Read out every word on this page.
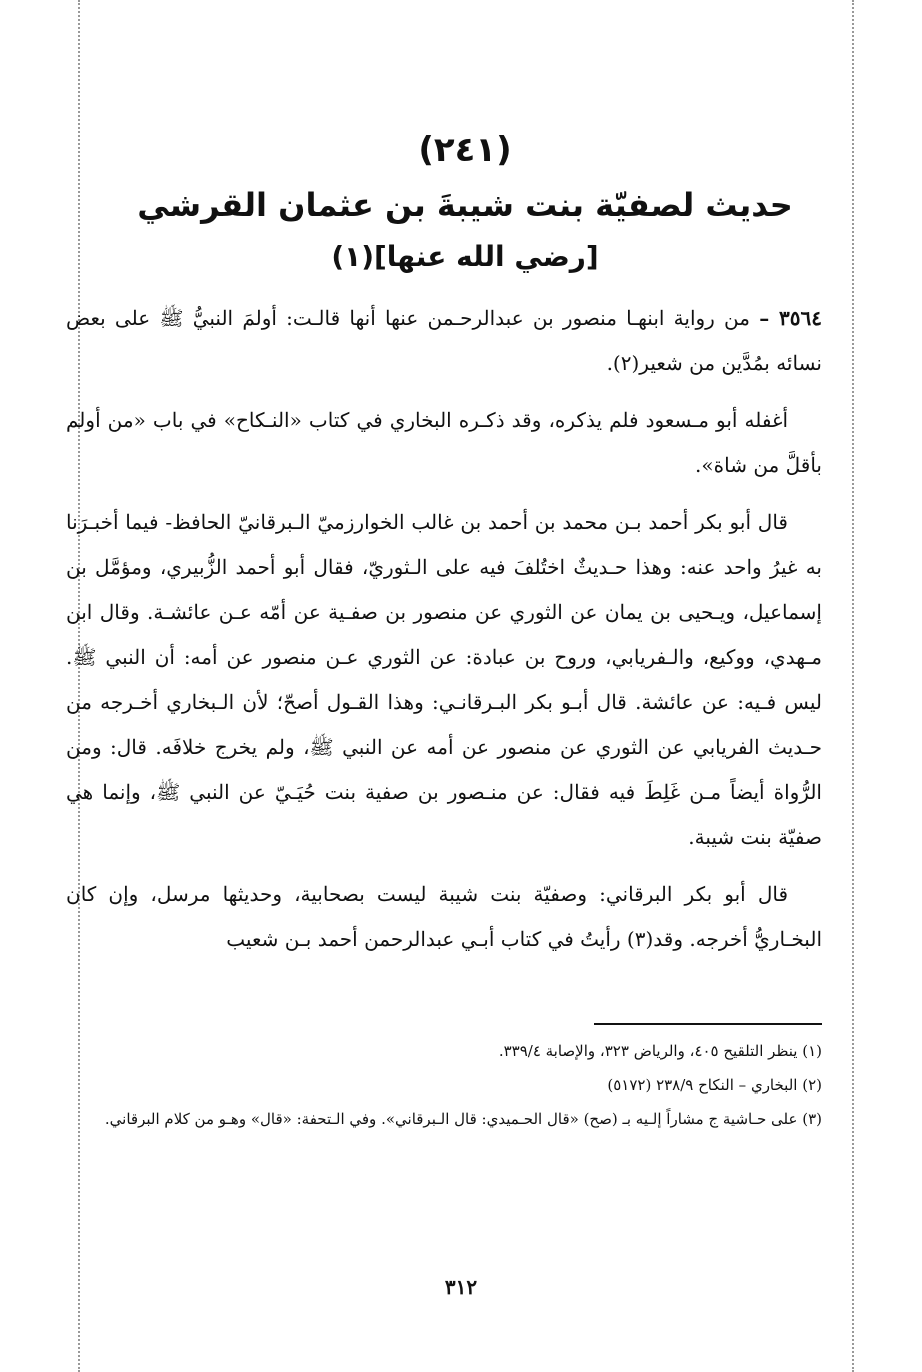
(٢٤١)
حديث لصفيّة بنت شيبةَ بن عثمان القرشي
[رضي الله عنها](١)

٣٥٦٤ – من رواية ابنهـا منصور بن عبدالرحـمن عنها أنها قالـت: أولمَ النبيُّ ﷺ على بعض نسائه بمُدَّين من شعير(٢).

أغفله أبو مـسعود فلم يذكره، وقد ذكـره البخاري في كتاب «النـكاح» في باب «من أولم بأقلَّ من شاة».

قال أبو بكر أحمد بـن محمد بن أحمد بن غالب الخوارزميّ الـبرقانيّ الحافظ- فيما أخبـرَنا به غيرُ واحد عنه: وهذا حـديثٌ اختُلفَ فيه على الـثوريّ، فقال أبو أحمد الزُّبيري، ومؤمَّل بن إسماعيل، ويـحيى بن يمان عن الثوري عن منصور بن صفـية عن أمّه عـن عائشـة. وقال ابن مـهدي، ووكيع، والـفريابي، وروح بن عبادة: عن الثوري عـن منصور عن أمه: أن النبي ﷺ. ليس فـيه: عن عائشة. قال أبـو بكر البـرقانـي: وهذا القـول أصحّ؛ لأن الـبخاري أخـرجه من حـديث الفريابي عن الثوري عن منصور عن أمه عن النبي ﷺ، ولم يخرج خلافَه. قال: ومن الرُّواة أيضاً مـن غَلِطَ فيه فقال: عن منـصور بن صفية بنت حُيَـيّ عن النبي ﷺ، وإنما هي صفيّة بنت شيبة.

قال أبو بكر البرقاني: وصفيّة بنت شيبة ليست بصحابية، وحديثها مرسل، وإن كان البخـاريُّ أخرجه. وقد(٣) رأيتُ في كتاب أبـي عبدالرحمن أحمد بـن شعيب

(١) ينظر التلقيح ٤٠٥، والرياض ٣٢٣، والإصابة ٣٣٩/٤.

(٢) البخاري – النكاح ٢٣٨/٩ (٥١٧٢)

(٣) على حـاشية ج مشاراً إلـيه بـ (صح) «قال الحـميدي: قال الـبرقاني». وفي الـتحفة: «قال» وهـو من كلام البرقاني.

٣١٢
